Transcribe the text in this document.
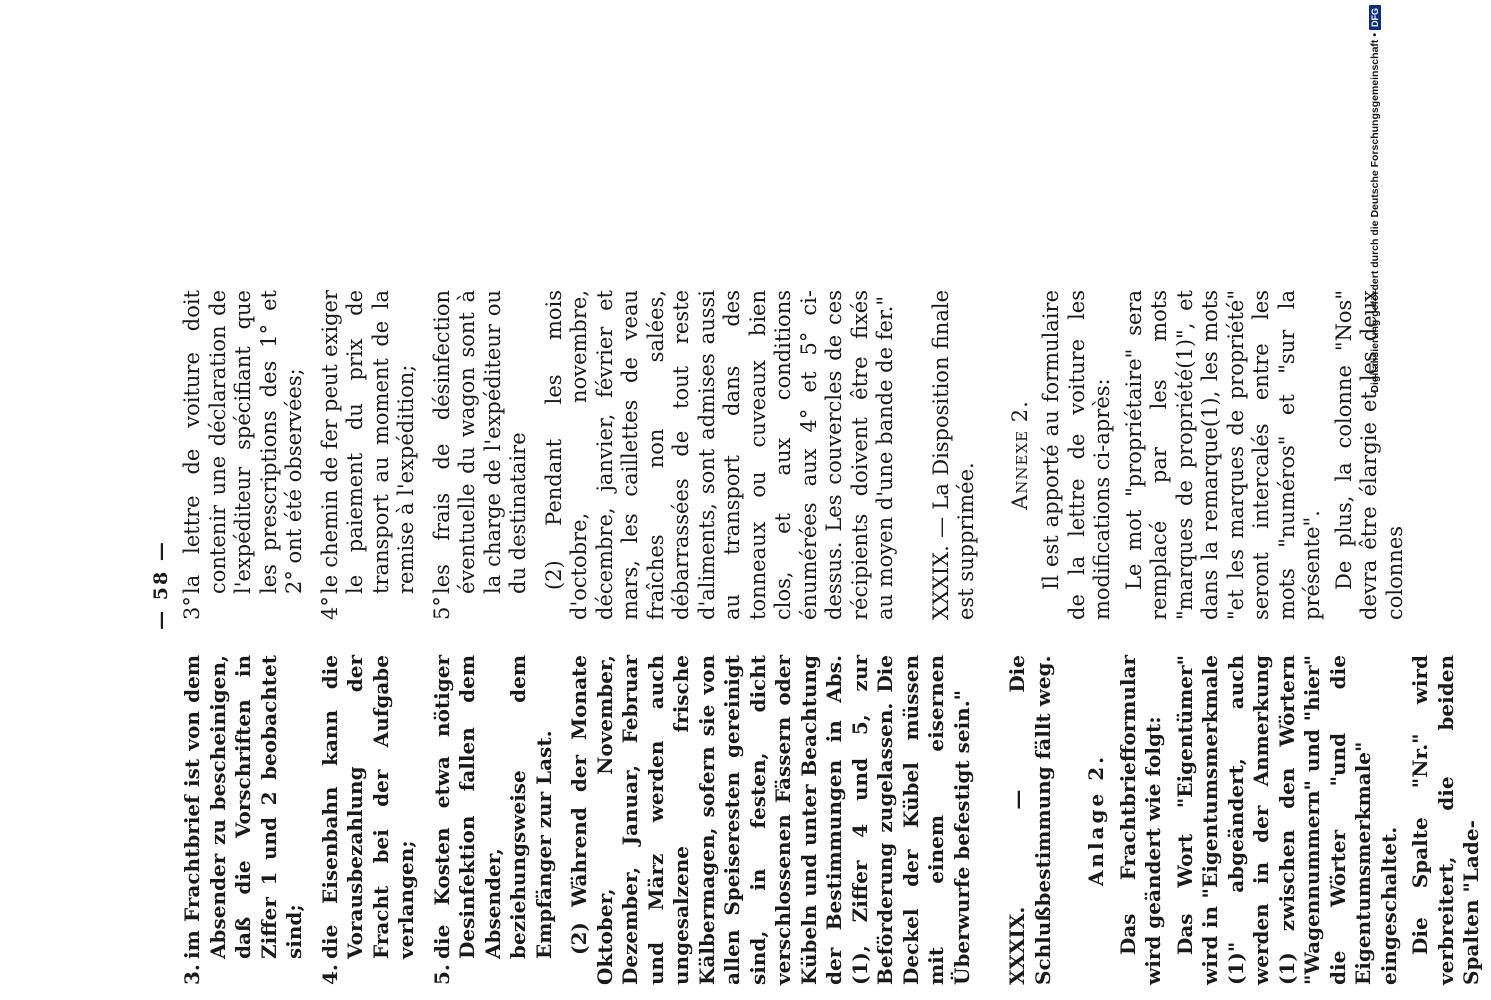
— 58 —
3.
im Frachtbrief ist von dem Absender zu bescheinigen, daß die Vorschriften in Ziffer 1 und 2 beobachtet sind;
4.
die Eisenbahn kann die Vorausbezahlung der Fracht bei der Aufgabe verlangen;
5.
die Kosten etwa nötiger Desinfektion fallen dem Absender, beziehungsweise dem Empfänger zur Last. (2) Während der Monate Oktober, November, Dezember, Januar, Februar und März werden auch ungesalzene frische Kälbermagen, sofern sie von allen Speiseresten gereinigt sind, in festen, dicht verschlossenen Fässern oder Kübeln und unter Beachtung der Bestimmungen in Abs. (1), Ziffer 4 und 5, zur Beförderung zugelassen. Die Deckel der Kübel müssen mit einem eisernen Überwurfe befestigt sein." XXXIX. — Die Schlußbestimmung fällt weg. Anlage 2. Das Frachtbriefformular wird geändert wie folgt: Das Wort "Eigentümer" wird in "Eigentumsmerkmale (1)" abgeändert, auch werden in der Anmerkung (1) zwischen den Wörtern "Wagennummern" und "hier" die Wörter "und die Eigentumsmerkmale" eingeschaltet. Die Spalte "Nr." wird verbreitert, die beiden Spalten "Lade-

3°
la lettre de voiture doit contenir une déclaration de l'expéditeur spécifiant que les prescriptions des 1° et 2° ont été observées;
4°
le chemin de fer peut exiger le paiement du prix de transport au moment de la remise à l'expédition;
5°
les frais de désinfection éventuelle du wagon sont à la charge de l'expéditeur ou du destinataire (2) Pendant les mois d'octobre, novembre, décembre, janvier, février et mars, les caillettes de veau fraîches non salées, débarrassées de tout reste d'aliments, sont admises aussi au transport dans des tonneaux ou cuveaux bien clos, et aux conditions énumérées aux 4° et 5° ci-dessus. Les couvercles de ces récipients doivent être fixés au moyen d'une bande de fer." XXXIX. — La Disposition finale est supprimée.

Annexe 2. Il est apporté au formulaire de la lettre de voiture les modifications ci-après: Le mot "propriétaire" sera remplacé par les mots "marques de propriété(1)", et dans la remarque(1), les mots "et les marques de propriété" seront intercalés entre les mots "numéros" et "sur la présente". De plus, la colonne "Nos" devra être élargie et les deux colonnes

Digitalisierung gefördert durch die Deutsche Forschungsgemeinschaft •
DFG
